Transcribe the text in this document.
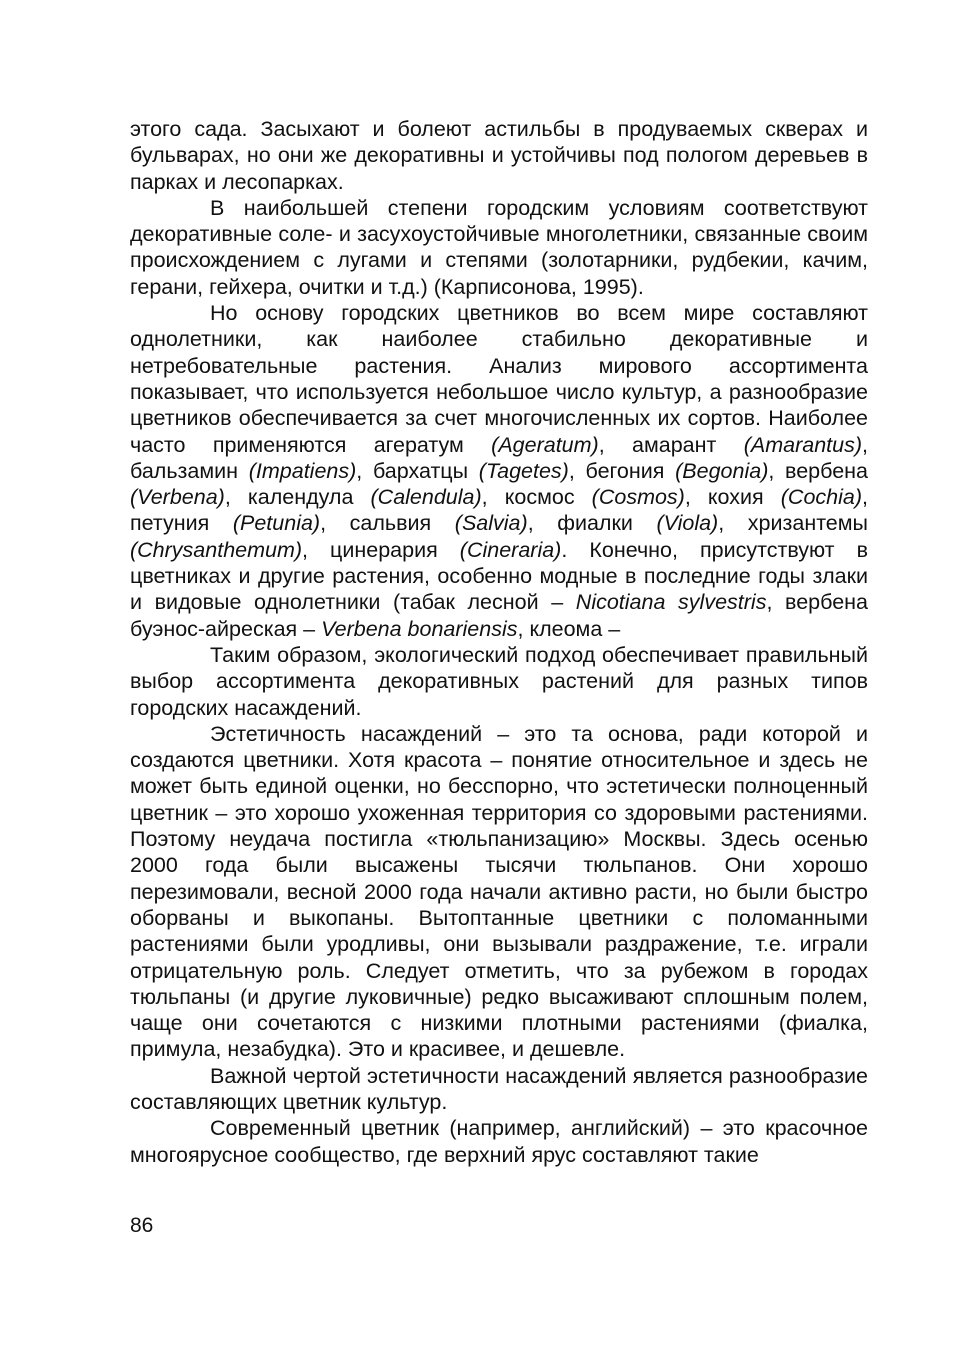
этого сада. Засыхают и болеют астильбы в продуваемых скверах и бульварах, но они же декоративны и устойчивы под пологом деревьев в парках и лесопарках.

В наибольшей степени городским условиям соответствуют декоративные соле- и засухоустойчивые многолетники, связанные своим происхождением с лугами и степями (золотарники, рудбекии, качим, герани, гейхера, очитки и т.д.) (Карписонова, 1995).

Но основу городских цветников во всем мире составляют однолетники, как наиболее стабильно декоративные и нетребовательные растения. Анализ мирового ассортимента показывает, что используется небольшое число культур, а разнообразие цветников обеспечивается за счет многочисленных их сортов. Наиболее часто применяются агератум (Ageratum), амарант (Amarantus), бальзамин (Impatiens), бархатцы (Tagetes), бегония (Begonia), вербена (Verbena), календула (Calendula), космос (Cosmos), кохия (Cochia), петуния (Petunia), сальвия (Salvia), фиалки (Viola), хризантемы (Chrysanthemum), цинерария (Cineraria). Конечно, присутствуют в цветниках и другие растения, особенно модные в последние годы злаки и видовые однолетники (табак лесной – Nicotiana sylvestris, вербена буэнос-айреская – Verbena bonariensis, клеома –

Таким образом, экологический подход обеспечивает правильный выбор ассортимента декоративных растений для разных типов городских насаждений.

Эстетичность насаждений – это та основа, ради которой и создаются цветники. Хотя красота – понятие относительное и здесь не может быть единой оценки, но бесспорно, что эстетически полноценный цветник – это хорошо ухоженная территория со здоровыми растениями. Поэтому неудача постигла «тюльпанизацию» Москвы. Здесь осенью 2000 года были высажены тысячи тюльпанов. Они хорошо перезимовали, весной 2000 года начали активно расти, но были быстро оборваны и выкопаны. Вытоптанные цветники с поломанными растениями были уродливы, они вызывали раздражение, т.е. играли отрицательную роль. Следует отметить, что за рубежом в городах тюльпаны (и другие луковичные) редко высаживают сплошным полем, чаще они сочетаются с низкими плотными растениями (фиалка, примула, незабудка). Это и красивее, и дешевле.

Важной чертой эстетичности насаждений является разнообразие составляющих цветник культур.

Современный цветник (например, английский) – это красочное многоярусное сообщество, где верхний ярус составляют такие

86
